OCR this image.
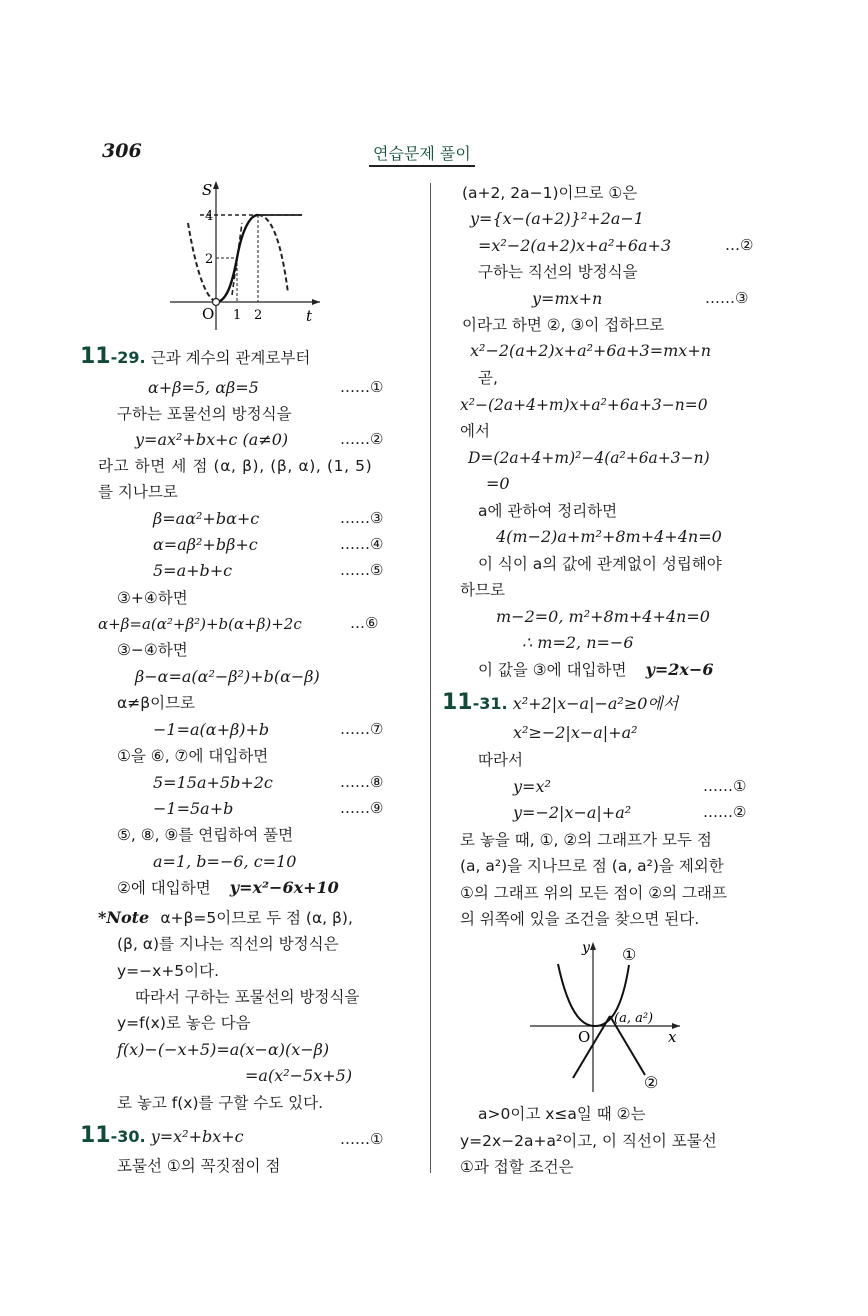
306	연습문제 풀이
S
t
O
4
2
1 2
y
x
O
(a, a²)
①
②
11-29. 근과 계수의 관계로부터
α+β=5, αβ=5	……①
구하는 포물선의 방정식을
y=ax²+bx+c (a≠0)	……②
라고 하면 세 점 (α, β), (β, α), (1, 5)
를 지나므로
β=aα²+bα+c	……③
α=aβ²+bβ+c	……④
5=a+b+c	……⑤
③+④하면
α+β=a(α²+β²)+b(α+β)+2c	…⑥
③−④하면
β−α=a(α²−β²)+b(α−β)
α≠β이므로
−1=a(α+β)+b	……⑦
①을 ⑥, ⑦에 대입하면
5=15a+5b+2c	……⑧
−1=5a+b	……⑨
⑤, ⑧, ⑨를 연립하여 풀면
a=1, b=−6, c=10
②에 대입하면 y=x²−6x+10
*Note α+β=5이므로 두 점 (α, β),
(β, α)를 지나는 직선의 방정식은
y=−x+5이다.
따라서 구하는 포물선의 방정식을
y=f(x)로 놓은 다음
f(x)−(−x+5)=a(x−α)(x−β)
=a(x²−5x+5)
로 놓고 f(x)를 구할 수도 있다.
11-30. y=x²+bx+c	……①
포물선 ①의 꼭짓점이 점
(a+2, 2a−1)이므로 ①은
y={x−(a+2)}²+2a−1
=x²−2(a+2)x+a²+6a+3	…②
구하는 직선의 방정식을
y=mx+n	……③
이라고 하면 ②, ③이 접하므로
x²−2(a+2)x+a²+6a+3=mx+n
곧,
x²−(2a+4+m)x+a²+6a+3−n=0
에서
D=(2a+4+m)²−4(a²+6a+3−n)
=0
a에 관하여 정리하면
4(m−2)a+m²+8m+4+4n=0
이 식이 a의 값에 관계없이 성립해야
하므로
m−2=0, m²+8m+4+4n=0
∴ m=2, n=−6
이 값을 ③에 대입하면 y=2x−6
11-31. x²+2|x−a|−a²≥0에서
x²≥−2|x−a|+a²
따라서
y=x²	……①
y=−2|x−a|+a²	……②
로 놓을 때, ①, ②의 그래프가 모두 점
(a, a²)을 지나므로 점 (a, a²)을 제외한
①의 그래프 위의 모든 점이 ②의 그래프
의 위쪽에 있을 조건을 찾으면 된다.
a>0이고 x≤a일 때 ②는
y=2x−2a+a²이고, 이 직선이 포물선
①과 접할 조건은
